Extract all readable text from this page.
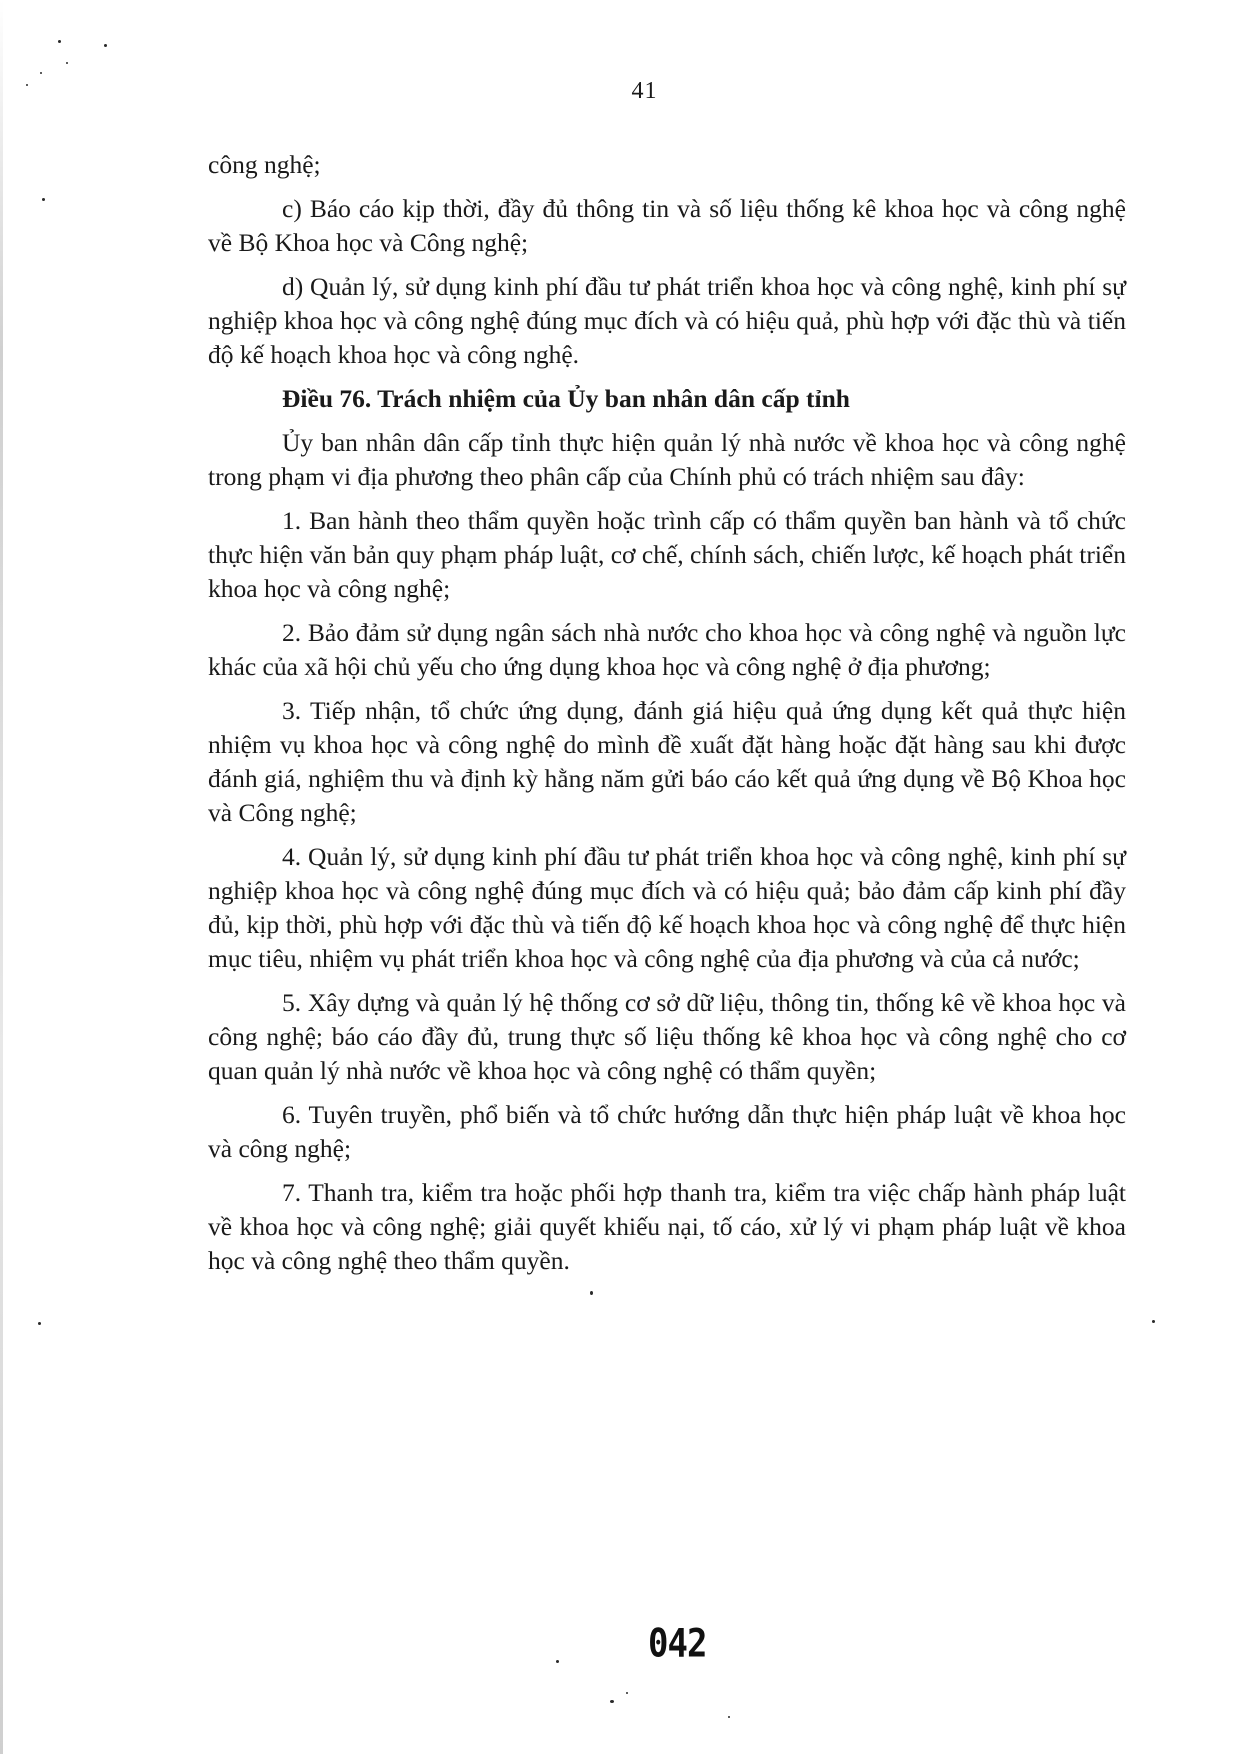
41

công nghệ;

c) Báo cáo kịp thời, đầy đủ thông tin và số liệu thống kê khoa học và công nghệ về Bộ Khoa học và Công nghệ;

d) Quản lý, sử dụng kinh phí đầu tư phát triển khoa học và công nghệ, kinh phí sự nghiệp khoa học và công nghệ đúng mục đích và có hiệu quả, phù hợp với đặc thù và tiến độ kế hoạch khoa học và công nghệ.

Điều 76. Trách nhiệm của Ủy ban nhân dân cấp tỉnh

Ủy ban nhân dân cấp tỉnh thực hiện quản lý nhà nước về khoa học và công nghệ trong phạm vi địa phương theo phân cấp của Chính phủ có trách nhiệm sau đây:

1. Ban hành theo thẩm quyền hoặc trình cấp có thẩm quyền ban hành và tổ chức thực hiện văn bản quy phạm pháp luật, cơ chế, chính sách, chiến lược, kế hoạch phát triển khoa học và công nghệ;

2. Bảo đảm sử dụng ngân sách nhà nước cho khoa học và công nghệ và nguồn lực khác của xã hội chủ yếu cho ứng dụng khoa học và công nghệ ở địa phương;

3. Tiếp nhận, tổ chức ứng dụng, đánh giá hiệu quả ứng dụng kết quả thực hiện nhiệm vụ khoa học và công nghệ do mình đề xuất đặt hàng hoặc đặt hàng sau khi được đánh giá, nghiệm thu và định kỳ hằng năm gửi báo cáo kết quả ứng dụng về Bộ Khoa học và Công nghệ;

4. Quản lý, sử dụng kinh phí đầu tư phát triển khoa học và công nghệ, kinh phí sự nghiệp khoa học và công nghệ đúng mục đích và có hiệu quả; bảo đảm cấp kinh phí đầy đủ, kịp thời, phù hợp với đặc thù và tiến độ kế hoạch khoa học và công nghệ để thực hiện mục tiêu, nhiệm vụ phát triển khoa học và công nghệ của địa phương và của cả nước;

5. Xây dựng và quản lý hệ thống cơ sở dữ liệu, thông tin, thống kê về khoa học và công nghệ; báo cáo đầy đủ, trung thực số liệu thống kê khoa học và công nghệ cho cơ quan quản lý nhà nước về khoa học và công nghệ có thẩm quyền;

6. Tuyên truyền, phổ biến và tổ chức hướng dẫn thực hiện pháp luật về khoa học và công nghệ;

7. Thanh tra, kiểm tra hoặc phối hợp thanh tra, kiểm tra việc chấp hành pháp luật về khoa học và công nghệ; giải quyết khiếu nại, tố cáo, xử lý vi phạm pháp luật về khoa học và công nghệ theo thẩm quyền.

042
